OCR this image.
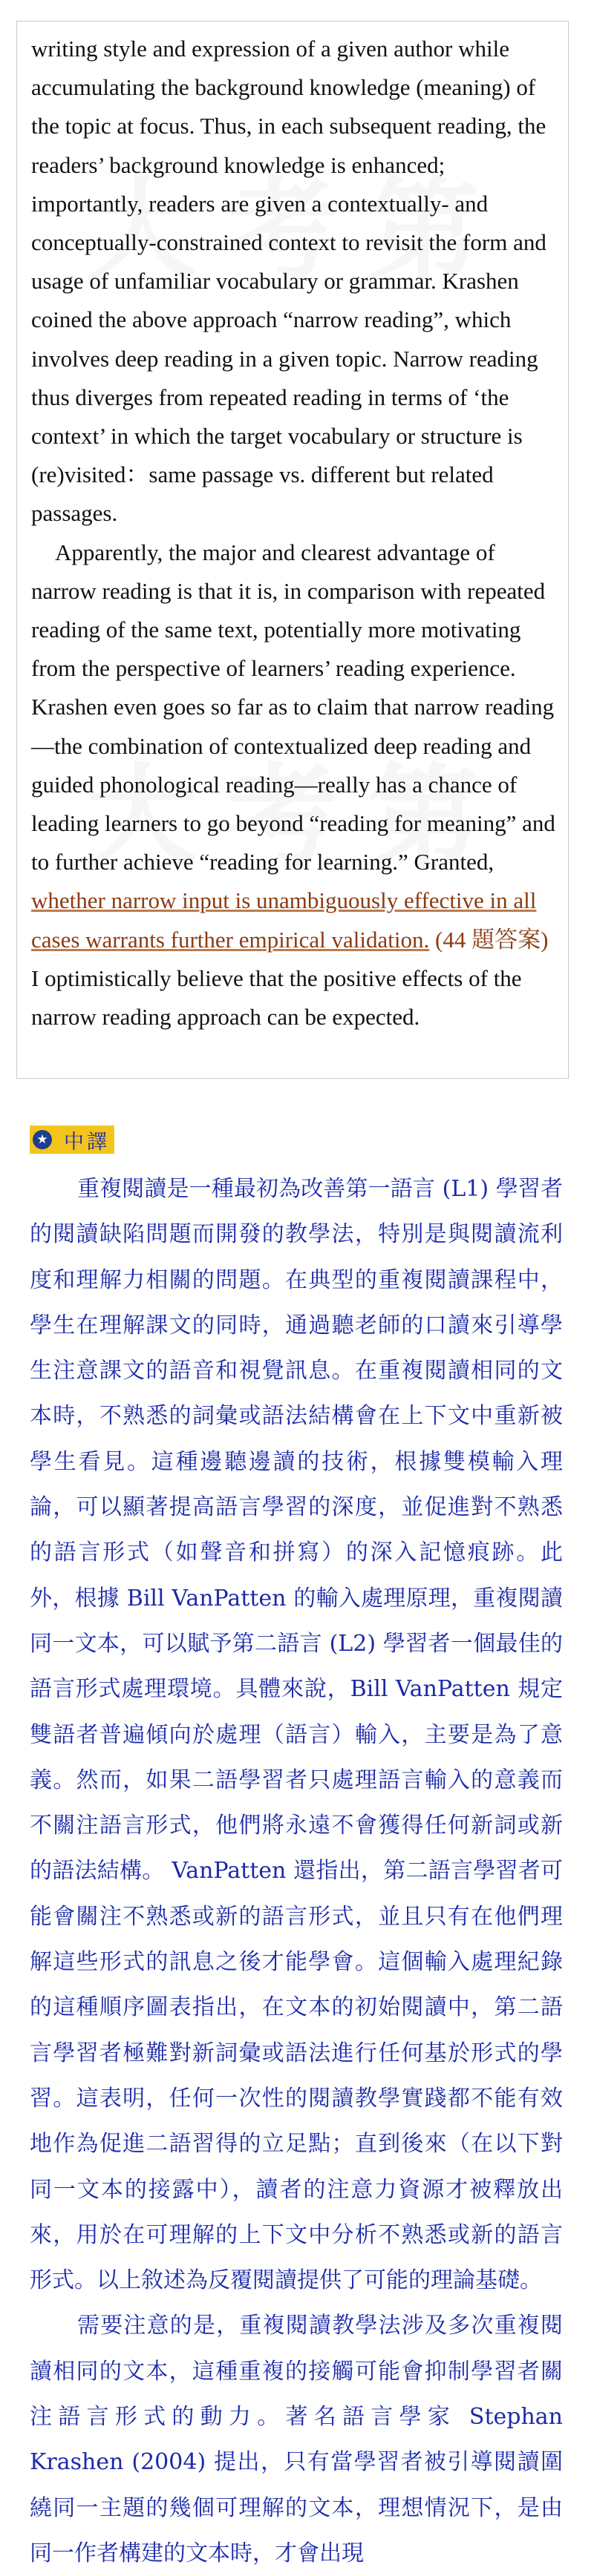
writing style and expression of a given author while accumulating the background knowledge (meaning) of the topic at focus. Thus, in each subsequent reading, the readers’ background knowledge is enhanced; importantly, readers are given a contextually- and conceptually-constrained context to revisit the form and usage of unfamiliar vocabulary or grammar. Krashen coined the above approach “narrow reading”, which involves deep reading in a given topic. Narrow reading thus diverges from repeated reading in terms of ‘the context’ in which the target vocabulary or structure is (re)visited：same passage vs. different but related passages.

Apparently, the major and clearest advantage of narrow reading is that it is, in comparison with repeated reading of the same text, potentially more motivating from the perspective of learners’ reading experience. Krashen even goes so far as to claim that narrow reading—the combination of contextualized deep reading and guided phonological reading—really has a chance of leading learners to go beyond “reading for meaning” and to further achieve “reading for learning.” Granted, whether narrow input is unambiguously effective in all cases warrants further empirical validation. (44 題答案) I optimistically believe that the positive effects of the narrow reading approach can be expected.

★ 中譯

重複閱讀是一種最初為改善第一語言 (L1) 學習者的閱讀缺陷問題而開發的教學法，特別是與閱讀流利度和理解力相關的問題。在典型的重複閱讀課程中，學生在理解課文的同時，通過聽老師的口讀來引導學生注意課文的語音和視覺訊息。在重複閱讀相同的文本時，不熟悉的詞彙或語法結構會在上下文中重新被學生看見。這種邊聽邊讀的技術，根據雙模輸入理論，可以顯著提高語言學習的深度，並促進對不熟悉的語言形式（如聲音和拼寫）的深入記憶痕跡。此外，根據 Bill VanPatten 的輸入處理原理，重複閱讀同一文本，可以賦予第二語言 (L2) 學習者一個最佳的語言形式處理環境。具體來說，Bill VanPatten 規定雙語者普遍傾向於處理（語言）輸入，主要是為了意義。然而，如果二語學習者只處理語言輸入的意義而不關注語言形式，他們將永遠不會獲得任何新詞或新的語法結構。 VanPatten 還指出，第二語言學習者可能會關注不熟悉或新的語言形式，並且只有在他們理解這些形式的訊息之後才能學會。這個輸入處理紀錄的這種順序圖表指出，在文本的初始閱讀中，第二語言學習者極難對新詞彙或語法進行任何基於形式的學習。這表明，任何一次性的閱讀教學實踐都不能有效地作為促進二語習得的立足點；直到後來（在以下對同一文本的接露中），讀者的注意力資源才被釋放出來，用於在可理解的上下文中分析不熟悉或新的語言形式。以上敘述為反覆閱讀提供了可能的理論基礎。

需要注意的是，重複閱讀教學法涉及多次重複閱讀相同的文本，這種重複的接觸可能會抑制學習者關注語言形式的動力。著名語言學家 Stephan Krashen (2004) 提出，只有當學習者被引導閱讀圍繞同一主題的幾個可理解的文本，理想情況下，是由同一作者構建的文本時，才會出現
